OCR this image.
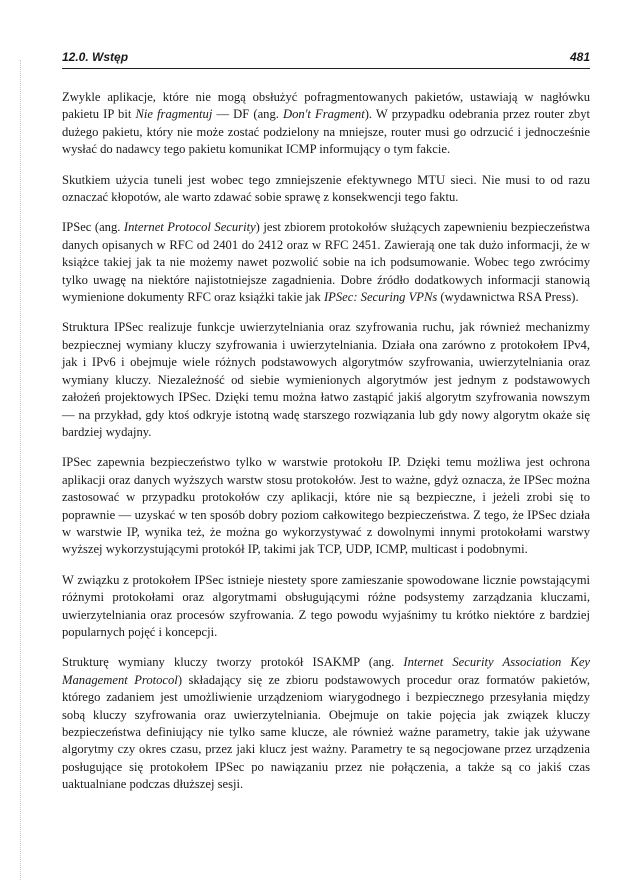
12.0. Wstęp	481

Zwykle aplikacje, które nie mogą obsłużyć pofragmentowanych pakietów, ustawiają w nagłówku pakietu IP bit Nie fragmentuj — DF (ang. Don't Fragment). W przypadku odebrania przez router zbyt dużego pakietu, który nie może zostać podzielony na mniejsze, router musi go odrzucić i jednocześnie wysłać do nadawcy tego pakietu komunikat ICMP informujący o tym fakcie.

Skutkiem użycia tuneli jest wobec tego zmniejszenie efektywnego MTU sieci. Nie musi to od razu oznaczać kłopotów, ale warto zdawać sobie sprawę z konsekwencji tego faktu.

IPSec (ang. Internet Protocol Security) jest zbiorem protokołów służących zapewnieniu bezpieczeństwa danych opisanych w RFC od 2401 do 2412 oraz w RFC 2451. Zawierają one tak dużo informacji, że w książce takiej jak ta nie możemy nawet pozwolić sobie na ich podsumowanie. Wobec tego zwrócimy tylko uwagę na niektóre najistotniejsze zagadnienia. Dobre źródło dodatkowych informacji stanowią wymienione dokumenty RFC oraz książki takie jak IPSec: Securing VPNs (wydawnictwa RSA Press).

Struktura IPSec realizuje funkcje uwierzytelniania oraz szyfrowania ruchu, jak również mechanizmy bezpiecznej wymiany kluczy szyfrowania i uwierzytelniania. Działa ona zarówno z protokołem IPv4, jak i IPv6 i obejmuje wiele różnych podstawowych algorytmów szyfrowania, uwierzytelniania oraz wymiany kluczy. Niezależność od siebie wymienionych algorytmów jest jednym z podstawowych założeń projektowych IPSec. Dzięki temu można łatwo zastąpić jakiś algorytm szyfrowania nowszym — na przykład, gdy ktoś odkryje istotną wadę starszego rozwiązania lub gdy nowy algorytm okaże się bardziej wydajny.

IPSec zapewnia bezpieczeństwo tylko w warstwie protokołu IP. Dzięki temu możliwa jest ochrona aplikacji oraz danych wyższych warstw stosu protokołów. Jest to ważne, gdyż oznacza, że IPSec można zastosować w przypadku protokołów czy aplikacji, które nie są bezpieczne, i jeżeli zrobi się to poprawnie — uzyskać w ten sposób dobry poziom całkowitego bezpieczeństwa. Z tego, że IPSec działa w warstwie IP, wynika też, że można go wykorzystywać z dowolnymi innymi protokołami warstwy wyższej wykorzystującymi protokół IP, takimi jak TCP, UDP, ICMP, multicast i podobnymi.

W związku z protokołem IPSec istnieje niestety spore zamieszanie spowodowane licznie powstającymi różnymi protokołami oraz algorytmami obsługującymi różne podsystemy zarządzania kluczami, uwierzytelniania oraz procesów szyfrowania. Z tego powodu wyjaśnimy tu krótko niektóre z bardziej popularnych pojęć i koncepcji.

Strukturę wymiany kluczy tworzy protokół ISAKMP (ang. Internet Security Association Key Management Protocol) składający się ze zbioru podstawowych procedur oraz formatów pakietów, którego zadaniem jest umożliwienie urządzeniom wiarygodnego i bezpiecznego przesyłania między sobą kluczy szyfrowania oraz uwierzytelniania. Obejmuje on takie pojęcia jak związek kluczy bezpieczeństwa definiujący nie tylko same klucze, ale również ważne parametry, takie jak używane algorytmy czy okres czasu, przez jaki klucz jest ważny. Parametry te są negocjowane przez urządzenia posługujące się protokołem IPSec po nawiązaniu przez nie połączenia, a także są co jakiś czas uaktualniane podczas dłuższej sesji.
